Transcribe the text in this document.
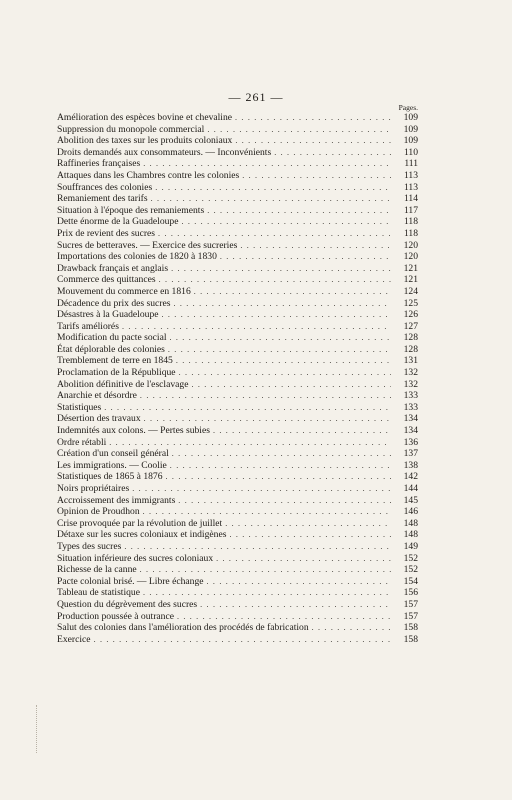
— 261 —
Pages.
Amélioration des espèces bovine et chevaline . . .	109
Suppression du monopole commercial . . .	109
Abolition des taxes sur les produits coloniaux . . .	109
Droits demandés aux consommateurs. — Inconvénients . . .	110
Raffineries françaises . . .	111
Attaques dans les Chambres contre les colonies . . .	113
Souffrances des colonies . . .	113
Remaniement des tarifs . . .	114
Situation à l'époque des remaniements . . .	117
Dette énorme de la Guadeloupe . . .	118
Prix de revient des sucres . . .	118
Sucres de betteraves. — Exercice des sucreries . . .	120
Importations des colonies de 1820 à 1830 . . .	120
Drawback français et anglais . . .	121
Commerce des quittances . . .	121
Mouvement du commerce en 1816 . . .	124
Décadence du prix des sucres . . .	125
Désastres à la Guadeloupe . . .	126
Tarifs améliorés . . .	127
Modification du pacte social . . .	128
État déplorable des colonies . . .	128
Tremblement de terre en 1845 . . .	131
Proclamation de la République . . .	132
Abolition définitive de l'esclavage . . .	132
Anarchie et désordre . . .	133
Statistiques . . .	133
Désertion des travaux . . .	134
Indemnités aux colons. — Pertes subies . . .	134
Ordre rétabli . . .	136
Création d'un conseil général . . .	137
Les immigrations. — Coolie . . .	138
Statistiques de 1865 à 1876 . . .	142
Noirs propriétaires . . .	144
Accroissement des immigrants . . .	145
Opinion de Proudhon . . .	146
Crise provoquée par la révolution de juillet . . .	148
Détaxe sur les sucres coloniaux et indigènes . . .	148
Types des sucres . . .	149
Situation inférieure des sucres coloniaux . . .	152
Richesse de la canne . . .	152
Pacte colonial brisé. — Libre échange . . .	154
Tableau de statistique . . .	156
Question du dégrèvement des sucres . . .	157
Production poussée à outrance . . .	157
Salut des colonies dans l'amélioration des procédés de fabrication . . .	158
Exercice . . .	158
